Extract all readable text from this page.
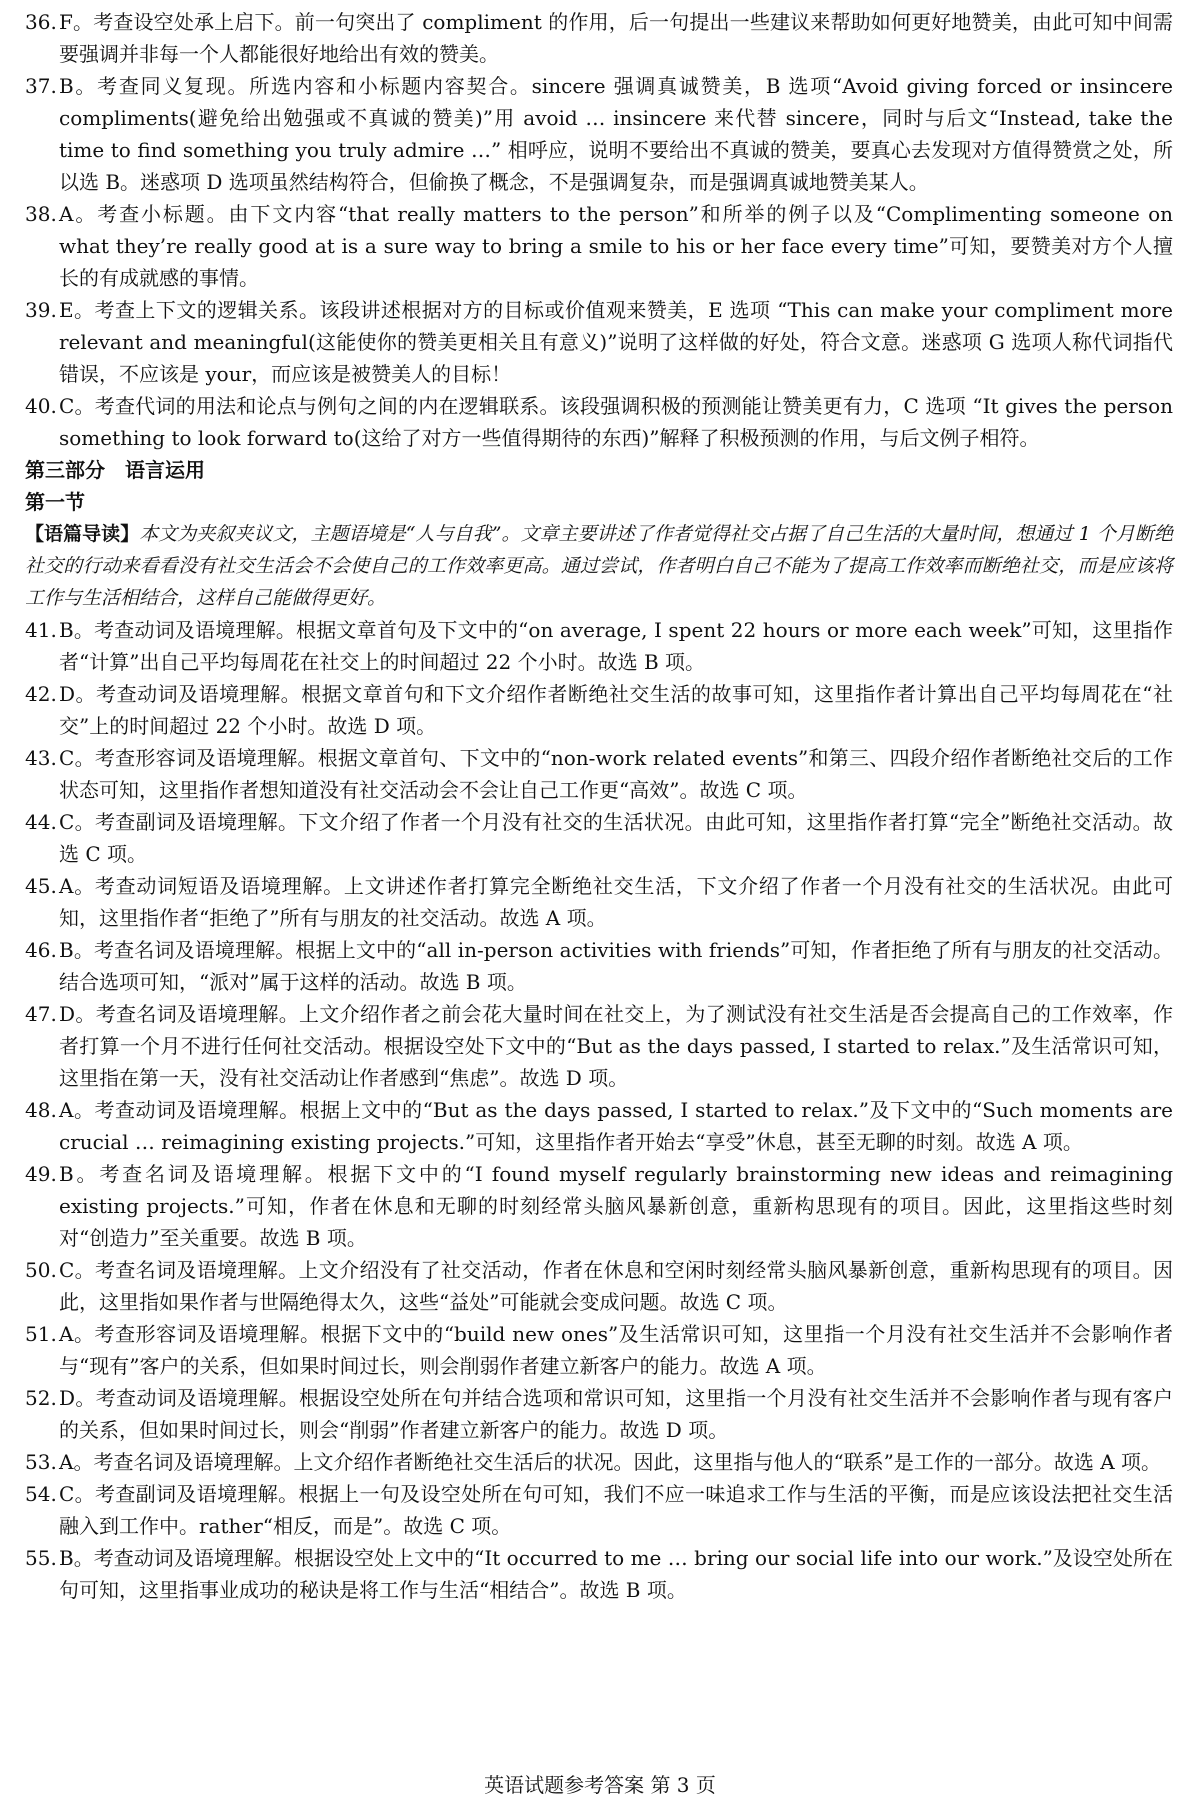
36. F。考查设空处承上启下。前一句突出了 compliment 的作用，后一句提出一些建议来帮助如何更好地赞美，由此可知中间需要强调并非每一个人都能很好地给出有效的赞美。
37. B。考查同义复现。所选内容和小标题内容契合。sincere 强调真诚赞美，B 选项“Avoid giving forced or insincere compliments(避免给出勉强或不真诚的赞美)”用 avoid … insincere 来代替 sincere，同时与后文“Instead, take the time to find something you truly admire …” 相呼应，说明不要给出不真诚的赞美，要真心去发现对方值得赞赏之处，所以选 B。迷惑项 D 选项虽然结构符合，但偷换了概念，不是强调复杂，而是强调真诚地赞美某人。
38. A。考查小标题。由下文内容“that really matters to the person”和所举的例子以及“Complimenting someone on what they’re really good at is a sure way to bring a smile to his or her face every time”可知，要赞美对方个人擅长的有成就感的事情。
39. E。考查上下文的逻辑关系。该段讲述根据对方的目标或价值观来赞美，E 选项 “This can make your compliment more relevant and meaningful(这能使你的赞美更相关且有意义)”说明了这样做的好处，符合文意。迷惑项 G 选项人称代词指代错误，不应该是 your，而应该是被赞美人的目标！
40. C。考查代词的用法和论点与例句之间的内在逻辑联系。该段强调积极的预测能让赞美更有力，C 选项 “It gives the person something to look forward to(这给了对方一些值得期待的东西)”解释了积极预测的作用，与后文例子相符。
第三部分 语言运用
第一节
【语篇导读】本文为夹叙夹议文，主题语境是“人与自我”。文章主要讲述了作者觉得社交占据了自己生活的大量时间，想通过 1 个月断绝社交的行动来看看没有社交生活会不会使自己的工作效率更高。通过尝试，作者明白自己不能为了提高工作效率而断绝社交，而是应该将工作与生活相结合，这样自己能做得更好。
41. B。考查动词及语境理解。根据文章首句及下文中的“on average, I spent 22 hours or more each week”可知，这里指作者“计算”出自己平均每周花在社交上的时间超过 22 个小时。故选 B 项。
42. D。考查动词及语境理解。根据文章首句和下文介绍作者断绝社交生活的故事可知，这里指作者计算出自己平均每周花在“社交”上的时间超过 22 个小时。故选 D 项。
43. C。考查形容词及语境理解。根据文章首句、下文中的“non-work related events”和第三、四段介绍作者断绝社交后的工作状态可知，这里指作者想知道没有社交活动会不会让自己工作更“高效”。故选 C 项。
44. C。考查副词及语境理解。下文介绍了作者一个月没有社交的生活状况。由此可知，这里指作者打算“完全”断绝社交活动。故选 C 项。
45. A。考查动词短语及语境理解。上文讲述作者打算完全断绝社交生活，下文介绍了作者一个月没有社交的生活状况。由此可知，这里指作者“拒绝了”所有与朋友的社交活动。故选 A 项。
46. B。考查名词及语境理解。根据上文中的“all in-person activities with friends”可知，作者拒绝了所有与朋友的社交活动。结合选项可知，“派对”属于这样的活动。故选 B 项。
47. D。考查名词及语境理解。上文介绍作者之前会花大量时间在社交上，为了测试没有社交生活是否会提高自己的工作效率，作者打算一个月不进行任何社交活动。根据设空处下文中的“But as the days passed, I started to relax.”及生活常识可知，这里指在第一天，没有社交活动让作者感到“焦虑”。故选 D 项。
48. A。考查动词及语境理解。根据上文中的“But as the days passed, I started to relax.”及下文中的“Such moments are crucial … reimagining existing projects.”可知，这里指作者开始去“享受”休息，甚至无聊的时刻。故选 A 项。
49. B。考查名词及语境理解。根据下文中的“I found myself regularly brainstorming new ideas and reimagining existing projects.”可知，作者在休息和无聊的时刻经常头脑风暴新创意，重新构思现有的项目。因此，这里指这些时刻对“创造力”至关重要。故选 B 项。
50. C。考查名词及语境理解。上文介绍没有了社交活动，作者在休息和空闲时刻经常头脑风暴新创意，重新构思现有的项目。因此，这里指如果作者与世隔绝得太久，这些“益处”可能就会变成问题。故选 C 项。
51. A。考查形容词及语境理解。根据下文中的“build new ones”及生活常识可知，这里指一个月没有社交生活并不会影响作者与“现有”客户的关系，但如果时间过长，则会削弱作者建立新客户的能力。故选 A 项。
52. D。考查动词及语境理解。根据设空处所在句并结合选项和常识可知，这里指一个月没有社交生活并不会影响作者与现有客户的关系，但如果时间过长，则会“削弱”作者建立新客户的能力。故选 D 项。
53. A。考查名词及语境理解。上文介绍作者断绝社交生活后的状况。因此，这里指与他人的“联系”是工作的一部分。故选 A 项。
54. C。考查副词及语境理解。根据上一句及设空处所在句可知，我们不应一味追求工作与生活的平衡，而是应该设法把社交生活融入到工作中。rather“相反，而是”。故选 C 项。
55. B。考查动词及语境理解。根据设空处上文中的“It occurred to me … bring our social life into our work.”及设空处所在句可知，这里指事业成功的秘诀是将工作与生活“相结合”。故选 B 项。
英语试题参考答案 第 3 页
